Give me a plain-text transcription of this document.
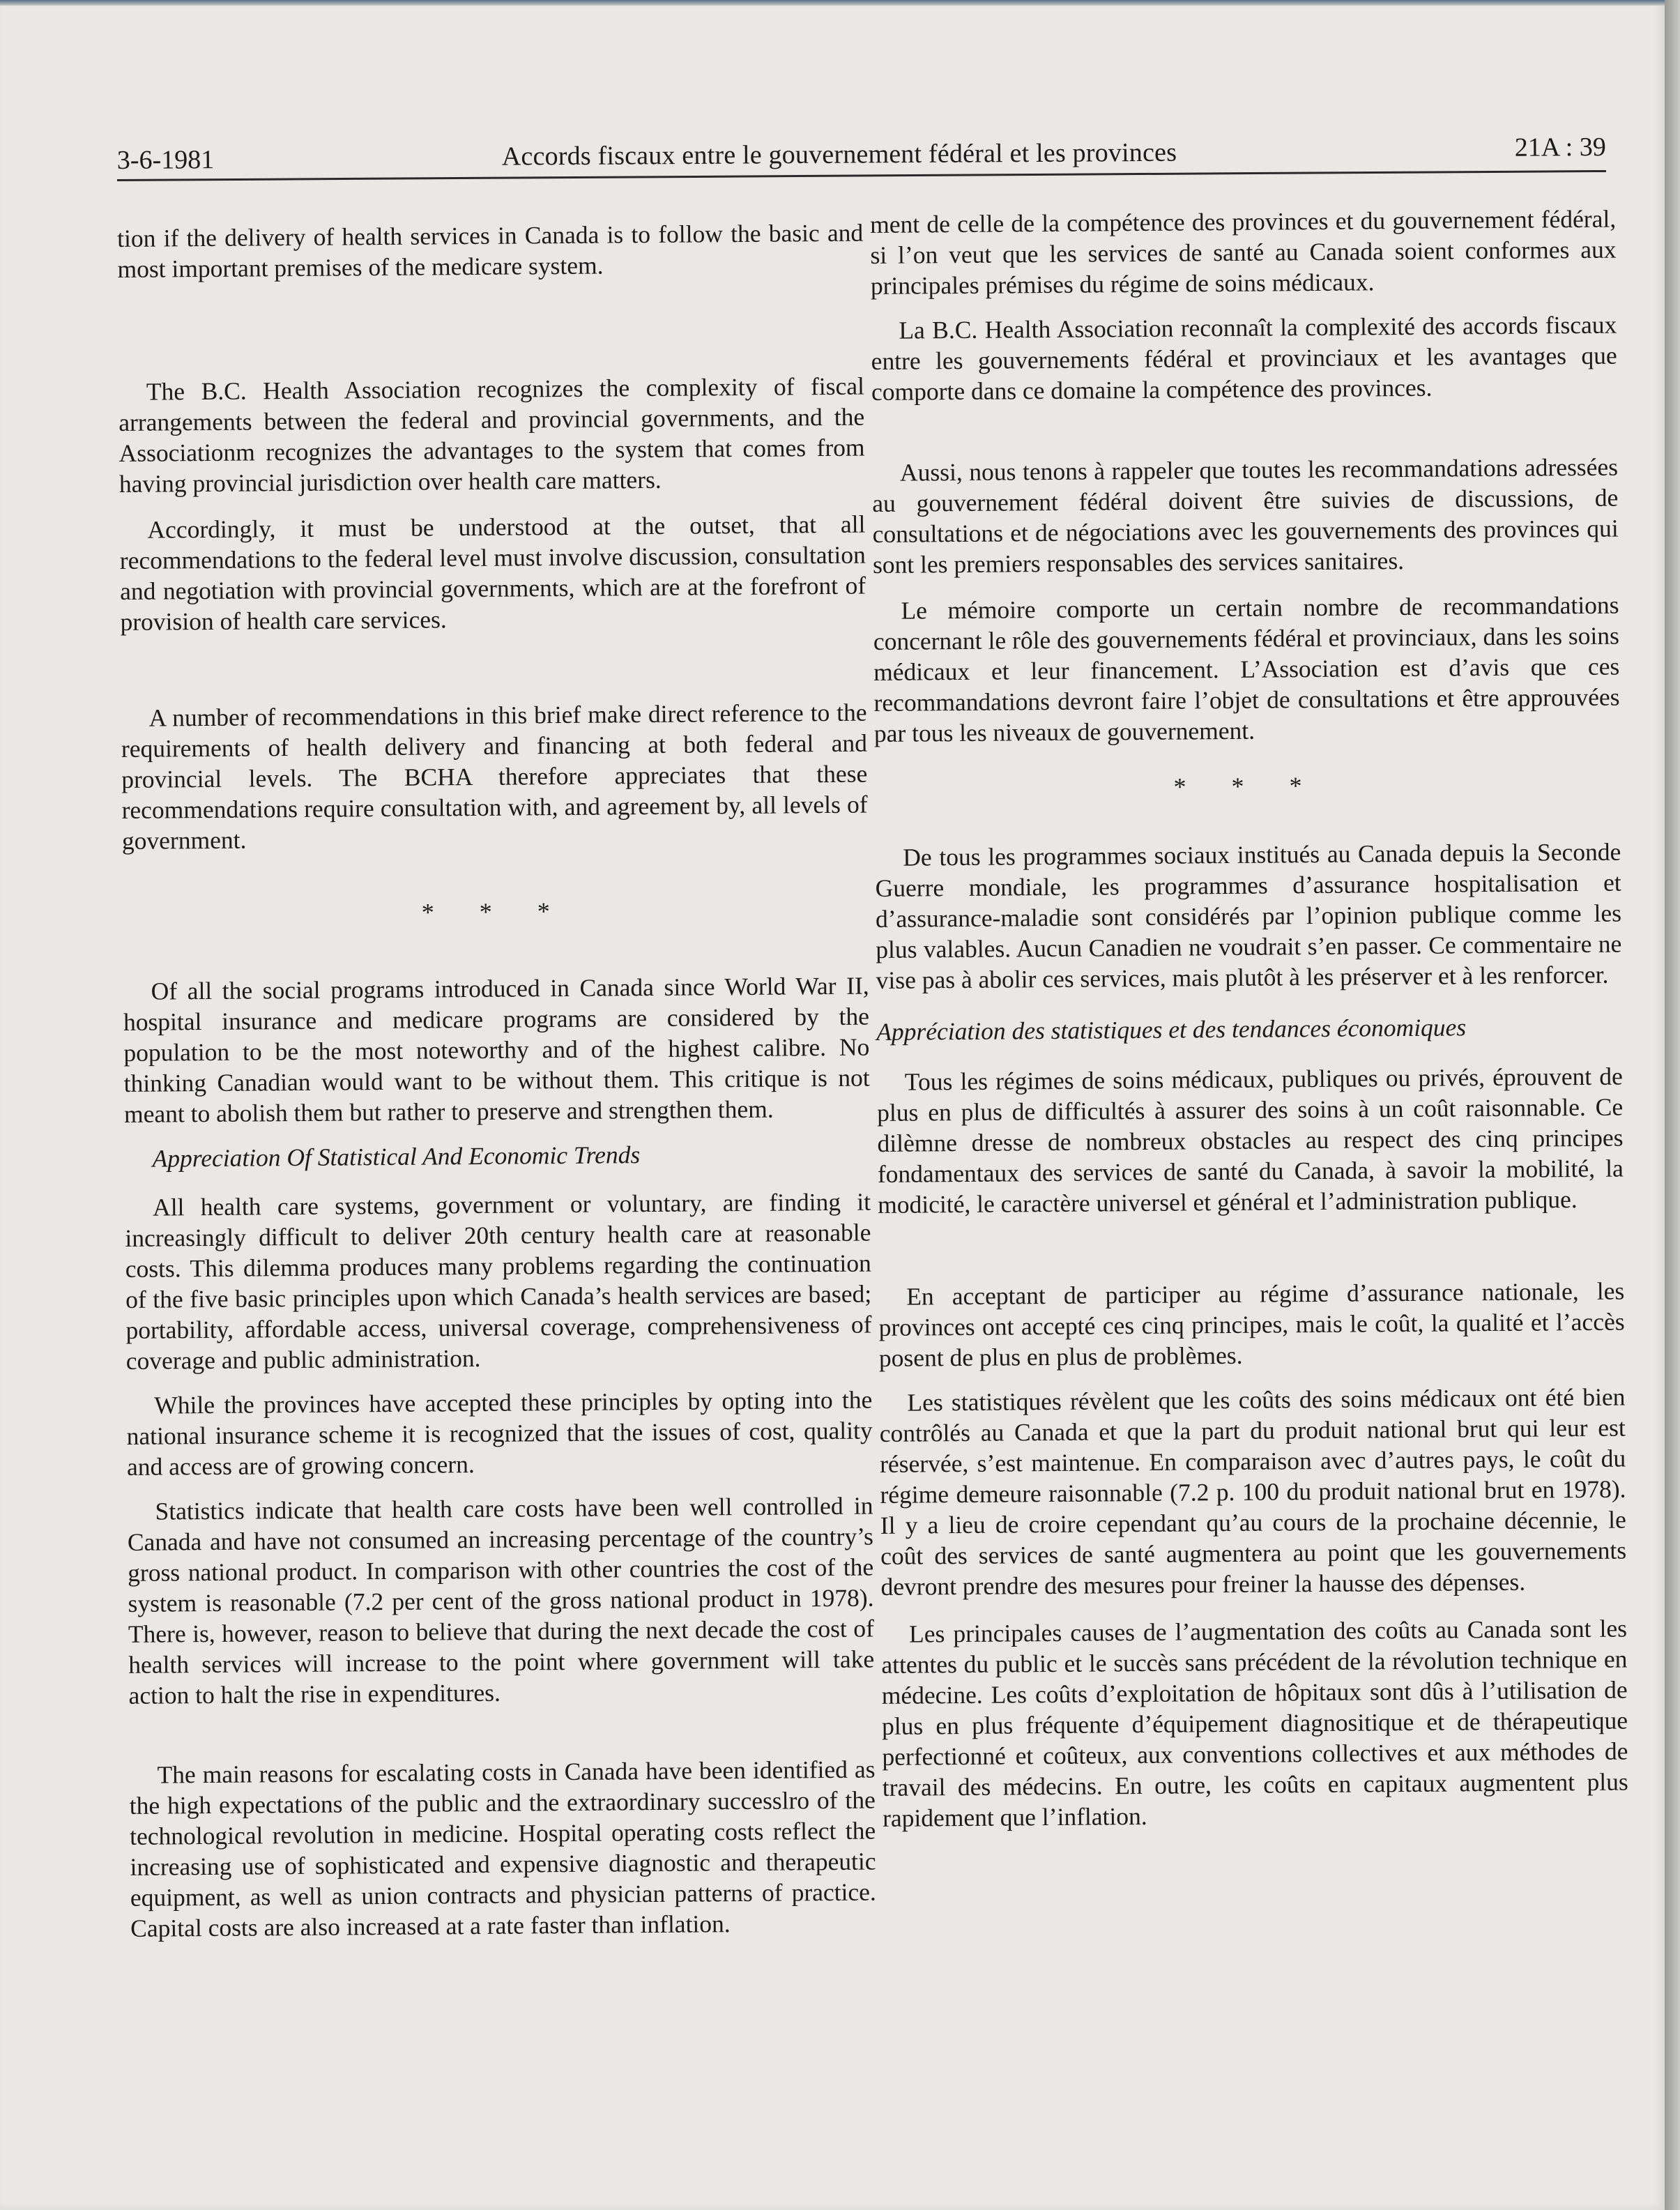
3-6-1981	Accords fiscaux entre le gouvernement fédéral et les provinces	21A : 39

tion if the delivery of health services in Canada is to follow the basic and most important premises of the medicare system.

The B.C. Health Association recognizes the complexity of fiscal arrangements between the federal and provincial governments, and the Associationm recognizes the advantages to the system that comes from having provincial jurisdiction over health care matters.

Accordingly, it must be understood at the outset, that all recommendations to the federal level must involve discussion, consultation and negotiation with provincial governments, which are at the forefront of provision of health care services.

A number of recommendations in this brief make direct reference to the requirements of health delivery and financing at both federal and provincial levels. The BCHA therefore appreciates that these recommendations require consultation with, and agreement by, all levels of government.

* * *

Of all the social programs introduced in Canada since World War II, hospital insurance and medicare programs are considered by the population to be the most noteworthy and of the highest calibre. No thinking Canadian would want to be without them. This critique is not meant to abolish them but rather to preserve and strengthen them.

Appreciation Of Statistical And Economic Trends

All health care systems, government or voluntary, are finding it increasingly difficult to deliver 20th century health care at reasonable costs. This dilemma produces many problems regarding the continuation of the five basic principles upon which Canada’s health services are based; portability, affordable access, universal coverage, comprehensiveness of coverage and public administration.

While the provinces have accepted these principles by opting into the national insurance scheme it is recognized that the issues of cost, quality and access are of growing concern.

Statistics indicate that health care costs have been well controlled in Canada and have not consumed an increasing percentage of the country’s gross national product. In comparison with other countries the cost of the system is reasonable (7.2 per cent of the gross national product in 1978). There is, however, reason to believe that during the next decade the cost of health services will increase to the point where government will take action to halt the rise in expenditures.

The main reasons for escalating costs in Canada have been identified as the high expectations of the public and the extraordinary successlro of the technological revolution in medicine. Hospital operating costs reflect the increasing use of sophisticated and expensive diagnostic and therapeutic equipment, as well as union contracts and physician patterns of practice. Capital costs are also increased at a rate faster than inflation.

ment de celle de la compétence des provinces et du gouvernement fédéral, si l’on veut que les services de santé au Canada soient conformes aux principales prémises du régime de soins médicaux.

La B.C. Health Association reconnaît la complexité des accords fiscaux entre les gouvernements fédéral et provinciaux et les avantages que comporte dans ce domaine la compétence des provinces.

Aussi, nous tenons à rappeler que toutes les recommandations adressées au gouvernement fédéral doivent être suivies de discussions, de consultations et de négociations avec les gouvernements des provinces qui sont les premiers responsables des services sanitaires.

Le mémoire comporte un certain nombre de recommandations concernant le rôle des gouvernements fédéral et provinciaux, dans les soins médicaux et leur financement. L’Association est d’avis que ces recommandations devront faire l’objet de consultations et être approuvées par tous les niveaux de gouvernement.

* * *

De tous les programmes sociaux institués au Canada depuis la Seconde Guerre mondiale, les programmes d’assurance hospitalisation et d’assurance-maladie sont considérés par l’opinion publique comme les plus valables. Aucun Canadien ne voudrait s’en passer. Ce commentaire ne vise pas à abolir ces services, mais plutôt à les préserver et à les renforcer.

Appréciation des statistiques et des tendances économiques

Tous les régimes de soins médicaux, publiques ou privés, éprouvent de plus en plus de difficultés à assurer des soins à un coût raisonnable. Ce dilèmne dresse de nombreux obstacles au respect des cinq principes fondamentaux des services de santé du Canada, à savoir la mobilité, la modicité, le caractère universel et général et l’administration publique.

En acceptant de participer au régime d’assurance nationale, les provinces ont accepté ces cinq principes, mais le coût, la qualité et l’accès posent de plus en plus de problèmes.

Les statistiques révèlent que les coûts des soins médicaux ont été bien contrôlés au Canada et que la part du produit national brut qui leur est réservée, s’est maintenue. En comparaison avec d’autres pays, le coût du régime demeure raisonnable (7.2 p. 100 du produit national brut en 1978). Il y a lieu de croire cependant qu’au cours de la prochaine décennie, le coût des services de santé augmentera au point que les gouvernements devront prendre des mesures pour freiner la hausse des dépenses.

Les principales causes de l’augmentation des coûts au Canada sont les attentes du public et le succès sans précédent de la révolution technique en médecine. Les coûts d’exploitation de hôpitaux sont dûs à l’utilisation de plus en plus fréquente d’équipement diagnositique et de thérapeutique perfectionné et coûteux, aux conventions collectives et aux méthodes de travail des médecins. En outre, les coûts en capitaux augmentent plus rapidement que l’inflation.
